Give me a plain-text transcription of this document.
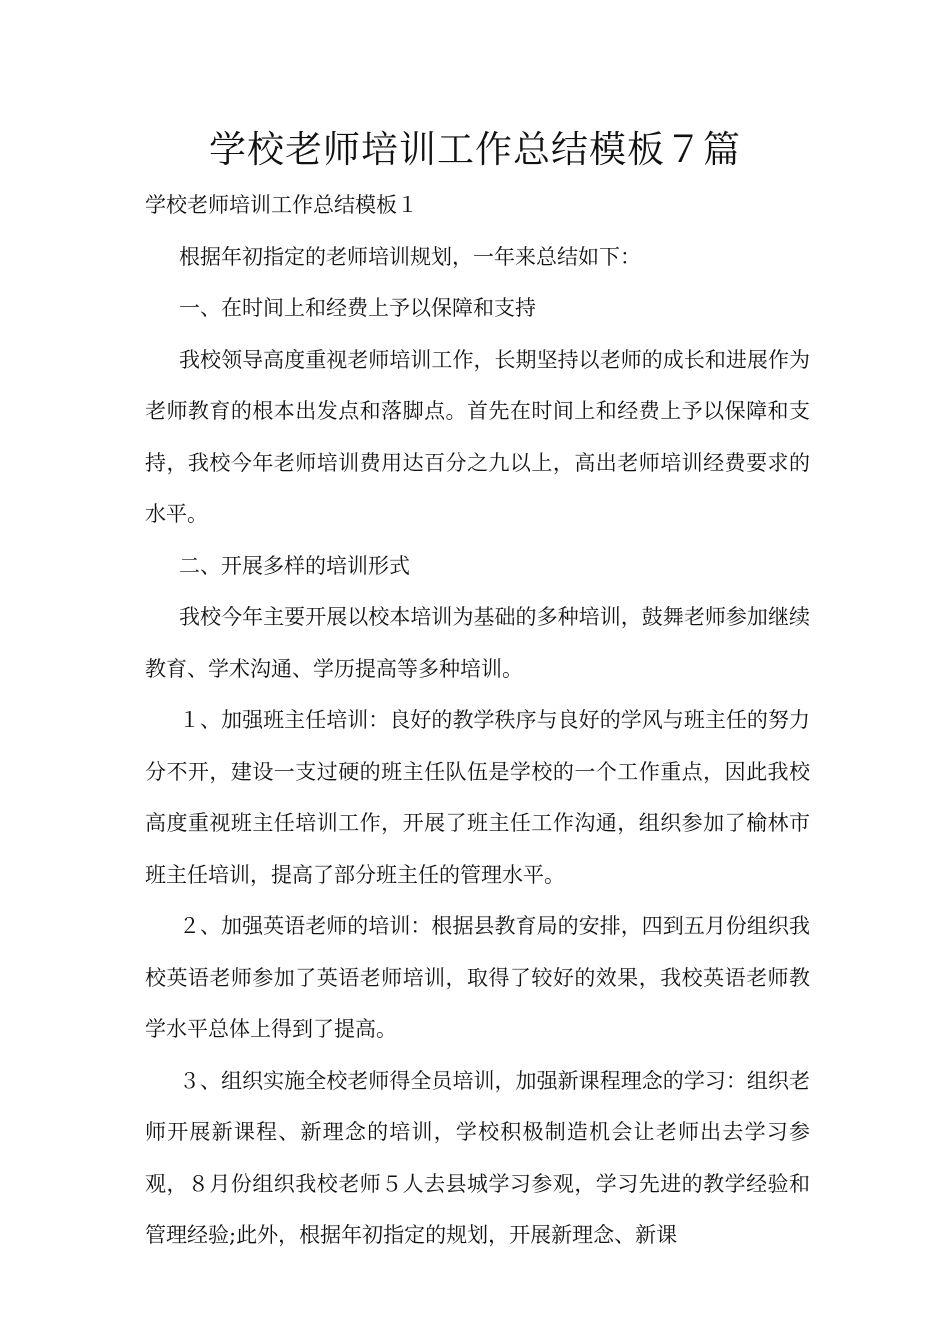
学校老师培训工作总结模板７篇

学校老师培训工作总结模板１

根据年初指定的老师培训规划，一年来总结如下：

一、在时间上和经费上予以保障和支持

我校领导高度重视老师培训工作，长期坚持以老师的成长和进展作为老师教育的根本出发点和落脚点。首先在时间上和经费上予以保障和支持，我校今年老师培训费用达百分之九以上，高出老师培训经费要求的水平。

二、开展多样的培训形式

我校今年主要开展以校本培训为基础的多种培训，鼓舞老师参加继续教育、学术沟通、学历提高等多种培训。

１、加强班主任培训：良好的教学秩序与良好的学风与班主任的努力分不开，建设一支过硬的班主任队伍是学校的一个工作重点，因此我校高度重视班主任培训工作，开展了班主任工作沟通，组织参加了榆林市班主任培训，提高了部分班主任的管理水平。

２、加强英语老师的培训：根据县教育局的安排，四到五月份组织我校英语老师参加了英语老师培训，取得了较好的效果，我校英语老师教学水平总体上得到了提高。

３、组织实施全校老师得全员培训，加强新课程理念的学习：组织老师开展新课程、新理念的培训，学校积极制造机会让老师出去学习参观，８月份组织我校老师５人去县城学习参观，学习先进的教学经验和管理经验;此外，根据年初指定的规划，开展新理念、新课
